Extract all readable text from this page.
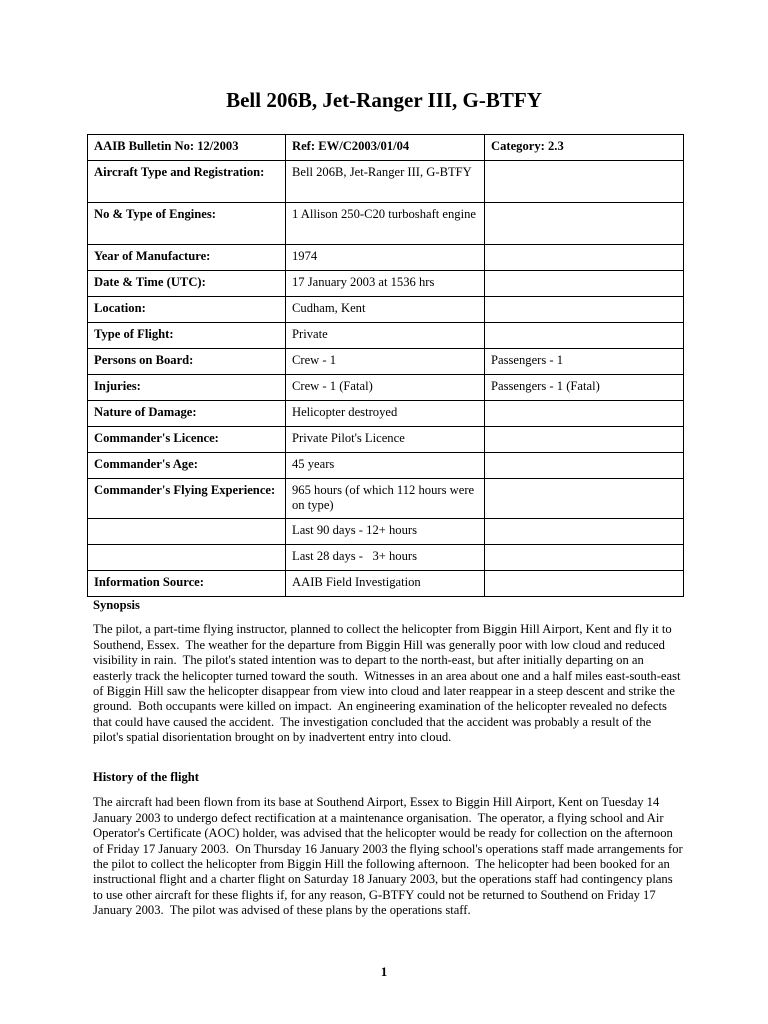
Bell 206B, Jet-Ranger III, G-BTFY
AAIB Bulletin No: 12/2003	Ref: EW/C2003/01/04	Category: 2.3
Aircraft Type and Registration:	Bell 206B, Jet-Ranger III, G-BTFY	
No & Type of Engines:	1 Allison 250-C20 turboshaft engine	
Year of Manufacture:	1974	
Date & Time (UTC):	17 January 2003 at 1536 hrs	
Location:	Cudham, Kent	
Type of Flight:	Private	
Persons on Board:	Crew - 1	Passengers - 1
Injuries:	Crew - 1 (Fatal)	Passengers - 1 (Fatal)
Nature of Damage:	Helicopter destroyed	
Commander's Licence:	Private Pilot's Licence	
Commander's Age:	45 years	
Commander's Flying Experience:	965 hours (of which 112 hours were on type)	
	Last 90 days - 12+ hours	
	Last 28 days -   3+ hours	
Information Source:	AAIB Field Investigation	

Synopsis

The pilot, a part-time flying instructor, planned to collect the helicopter from Biggin Hill Airport, Kent and fly it to Southend, Essex.  The weather for the departure from Biggin Hill was generally poor with low cloud and reduced visibility in rain.  The pilot's stated intention was to depart to the north-east, but after initially departing on an easterly track the helicopter turned toward the south.  Witnesses in an area about one and a half miles east-south-east of Biggin Hill saw the helicopter disappear from view into cloud and later reappear in a steep descent and strike the ground.  Both occupants were killed on impact.  An engineering examination of the helicopter revealed no defects that could have caused the accident.  The investigation concluded that the accident was probably a result of the pilot's spatial disorientation brought on by inadvertent entry into cloud.

History of the flight

The aircraft had been flown from its base at Southend Airport, Essex to Biggin Hill Airport, Kent on Tuesday 14 January 2003 to undergo defect rectification at a maintenance organisation.  The operator, a flying school and Air Operator's Certificate (AOC) holder, was advised that the helicopter would be ready for collection on the afternoon of Friday 17 January 2003.  On Thursday 16 January 2003 the flying school's operations staff made arrangements for the pilot to collect the helicopter from Biggin Hill the following afternoon.  The helicopter had been booked for an instructional flight and a charter flight on Saturday 18 January 2003, but the operations staff had contingency plans to use other aircraft for these flights if, for any reason, G-BTFY could not be returned to Southend on Friday 17 January 2003.  The pilot was advised of these plans by the operations staff.

1
